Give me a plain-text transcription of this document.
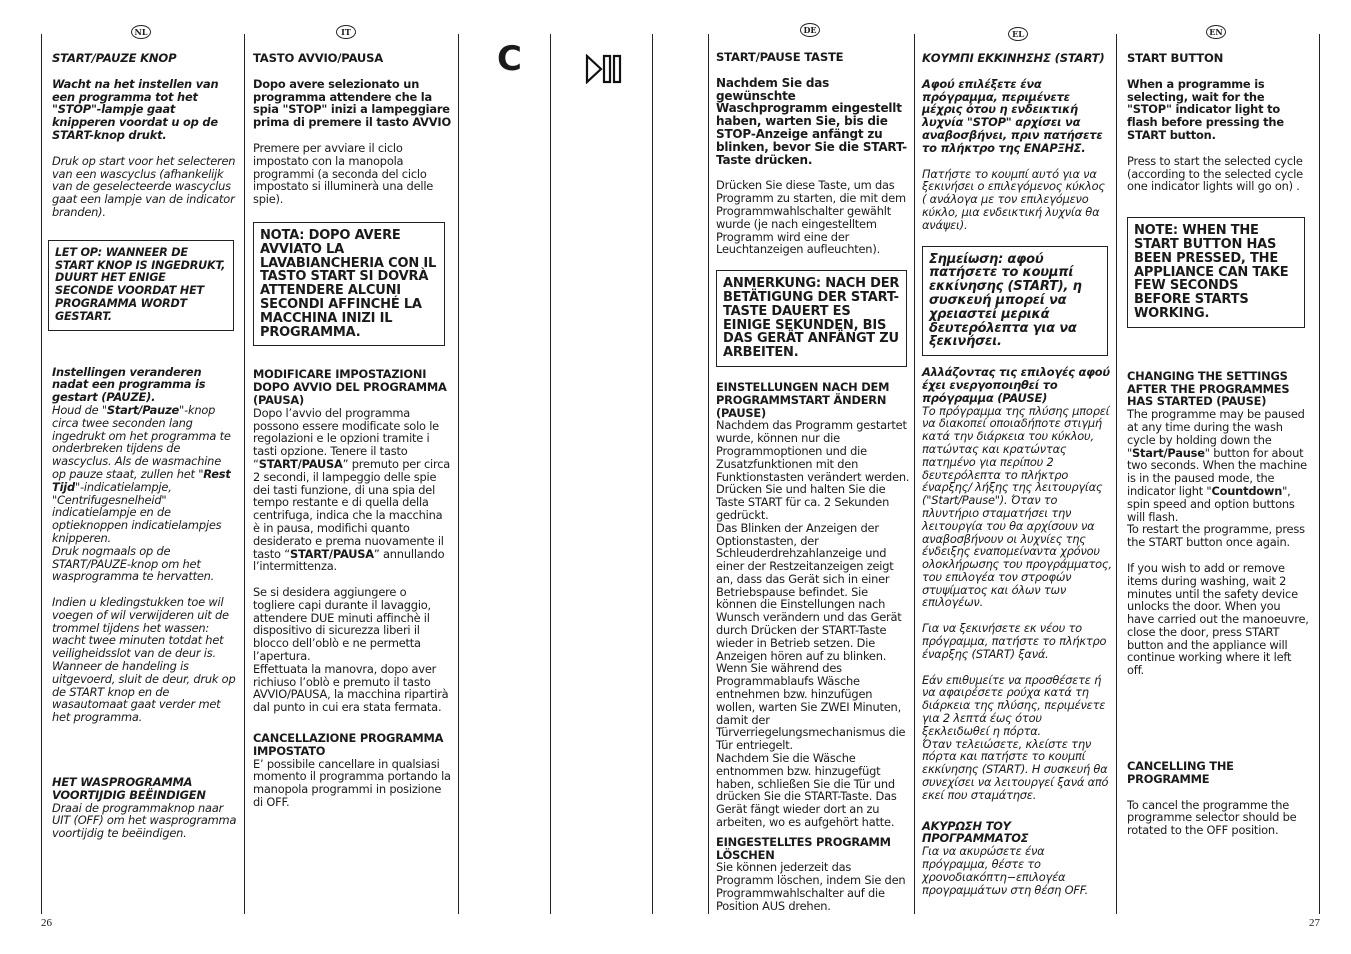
NL	IT	DE	EL	EN
C
START/PAUZE KNOP
Wacht na het instellen van een programma tot het "STOP"-lampje gaat knipperen voordat u op de START-knop drukt.
Druk op start voor het selecteren van een wascyclus (afhankelijk van de geselecteerde wascyclus gaat een lampje van de indicator branden).
LET OP: WANNEER DE START KNOP IS INGEDRUKT, DUURT HET ENIGE SECONDE VOORDAT HET PROGRAMMA WORDT GESTART.
Instellingen veranderen nadat een programma is gestart (PAUZE).

Houd de "Start/Pauze"-knop circa twee seconden lang ingedrukt om het programma te onderbreken tijdens de wascyclus. Als de wasmachine op pauze staat, zullen het "Rest Tijd"-indicatielampje, "Centrifugesnelheid" indicatielampje en de optieknoppen indicatielampjes knipperen.

Druk nogmaals op de START/PAUZE-knop om het wasprogramma te hervatten.
Indien u kledingstukken toe wil voegen of wil verwijderen uit de trommel tijdens het wassen: wacht twee minuten totdat het veiligheidsslot van de deur is.
Wanneer de handeling is uitgevoerd, sluit de deur, druk op de START knop en de wasautomaat gaat verder met het programma.
HET WASPROGRAMMA VOORTIJDIG BEËINDIGEN
Draai de programmaknop naar UIT (OFF) om het wasprogramma voortijdig te beëindigen.
TASTO AVVIO/PAUSA
Dopo avere selezionato un programma attendere che la spia "STOP" inizi a lampeggiare prima di premere il tasto AVVIO
Premere per avviare il ciclo impostato con la manopola programmi (a seconda del ciclo impostato si illuminerà una delle spie).
NOTA: DOPO AVERE AVVIATO LA LAVABIANCHERIA CON IL TASTO START SI DOVRÀ ATTENDERE ALCUNI SECONDI AFFINCHÉ LA MACCHINA INIZI IL PROGRAMMA.
MODIFICARE IMPOSTAZIONI DOPO AVVIO DEL PROGRAMMA (PAUSA)

Dopo l’avvio del programma possono essere modificate solo le regolazioni e le opzioni tramite i tasti opzione. Tenere il tasto “START/PAUSA” premuto per circa 2 secondi, il lampeggio delle spie dei tasti funzione, di una spia del tempo restante e di quella della centrifuga, indica che la macchina è in pausa, modifichi quanto desiderato e prema nuovamente il tasto “START/PAUSA” annullando l’intermittenza.

Se si desidera aggiungere o togliere capi durante il lavaggio, attendere DUE minuti affinchè il dispositivo di sicurezza liberi il blocco dell’oblò e ne permetta l’apertura.
Effettuata la manovra, dopo aver richiuso l’oblò e premuto il tasto AVVIO/PAUSA, la macchina ripartirà dal punto in cui era stata fermata.
CANCELLAZIONE PROGRAMMA IMPOSTATO
E’ possibile cancellare in qualsiasi momento il programma portando la manopola programmi in posizione di OFF.
START/PAUSE TASTE
Nachdem Sie das gewünschte Waschprogramm eingestellt haben, warten Sie, bis die STOP-Anzeige anfängt zu blinken, bevor Sie die START-Taste drücken.
Drücken Sie diese Taste, um das Programm zu starten, die mit dem Programmwahlschalter gewählt wurde (je nach eingestelltem Programm wird eine der Leuchtanzeigen aufleuchten).
ANMERKUNG: NACH DER BETÄTIGUNG DER START-TASTE DAUERT ES EINIGE SEKUNDEN, BIS DAS GERÄT ANFÄNGT ZU ARBEITEN.
EINSTELLUNGEN NACH DEM PROGRAMMSTART ÄNDERN (PAUSE)
Nachdem das Programm gestartet wurde, können nur die Programmoptionen und die Zusatzfunktionen mit den Funktionstasten verändert werden.
Drücken Sie und halten Sie die Taste START für ca. 2 Sekunden gedrückt.
Das Blinken der Anzeigen der Optionstasten, der Schleuderdrehzahlanzeige und einer der Restzeitanzeigen zeigt an, dass das Gerät sich in einer Betriebspause befindet. Sie können die Einstellungen nach Wunsch verändern und das Gerät durch Drücken der START-Taste wieder in Betrieb setzen. Die Anzeigen hören auf zu blinken.
Wenn Sie während des Programmablaufs Wäsche entnehmen bzw. hinzufügen wollen, warten Sie ZWEI Minuten, damit der Türverriegelungsmechanismus die Tür entriegelt.
Nachdem Sie die Wäsche entnommen bzw. hinzugefügt haben, schließen Sie die Tür und drücken Sie die START-Taste. Das Gerät fängt wieder dort an zu arbeiten, wo es aufgehört hatte.
EINGESTELLTES PROGRAMM LÖSCHEN
Sie können jederzeit das Programm löschen, indem Sie den Programmwahlschalter auf die Position AUS drehen.
ΚΟΥΜΠΙ ΕΚΚΙΝΗΣΗΣ (START)
Αφού επιλέξετε ένα πρόγραμμα, περιμένετε μέχρις ότου η ενδεικτική λυχνία "STOP" αρχίσει να αναβοσβήνει, πριν πατήσετε το πλήκτρο της ΕΝΑΡΞΗΣ.
Πατήστε το κουμπί αυτό για να ξεκινήσει ο επιλεγόμενος κύκλος ( ανάλογα με τον επιλεγόμενο κύκλο, μια ενδεικτική λυχνία θα ανάψει).
Σημείωση: αφού πατήσετε το κουμπί εκκίνησης (START), η συσκευή μπορεί να χρειαστεί μερικά δευτερόλεπτα για να ξεκινήσει.
Αλλάζοντας τις επιλογές αφού έχει ενεργοποιηθεί το πρόγραμμα (PAUSE)
Το πρόγραμμα της πλύσης μπορεί να διακοπεί οποιαδήποτε στιγμή κατά την διάρκεια του κύκλου, πατώντας και κρατώντας πατημένο για περίπου 2 δευτερόλεπτα το πλήκτρο έναρξης/ λήξης της λειτουργίας ("Start/Pause"). Όταν το πλυντήριο σταματήσει την λειτουργία του θα αρχίσουν να αναβοσβήνουν οι λυχνίες της ένδειξης εναπομείναντα χρόνου ολοκλήρωσης του προγράμματος, του επιλογέα τον στροφών στυψίματος και όλων των επιλογέων.
Για να ξεκινήσετε εκ νέου το πρόγραμμα, πατήστε το πλήκτρο έναρξης (START) ξανά.
Εάν επιθυμείτε να προσθέσετε ή να αφαιρέσετε ρούχα κατά τη διάρκεια της πλύσης, περιμένετε για 2 λεπτά έως ότου ξεκλειδωθεί η πόρτα.
Όταν τελειώσετε, κλείστε την πόρτα και πατήστε το κουμπί εκκίνησης (START). Η συσκευή θα συνεχίσει να λειτουργεί ξανά από εκεί που σταμάτησε.
ΑΚΥΡΩΣΗ ΤΟΥ ΠΡΟΓΡΑΜΜΑΤΟΣ
Για να ακυρώσετε ένα πρόγραμμα, θέστε το χρονοδιακόπτη−επιλογέα προγραμμάτων στη θέση OFF.
START BUTTON
When a programme is selecting, wait for the "STOP" indicator light to flash before pressing the START button.
Press to start the selected cycle (according to the selected cycle one indicator lights will go on) .
NOTE: WHEN THE START BUTTON HAS BEEN PRESSED, THE APPLIANCE CAN TAKE FEW SECONDS BEFORE STARTS WORKING.
CHANGING THE SETTINGS AFTER THE PROGRAMMES HAS STARTED (PAUSE)

The programme may be paused at any time during the wash cycle by holding down the "Start/Pause" button for about two seconds. When the machine is in the paused mode, the indicator light "Countdown", spin speed and option buttons will flash.

To restart the programme, press the START button once again.
If you wish to add or remove items during washing, wait 2 minutes until the safety device unlocks the door. When you have carried out the manoeuvre, close the door, press START button and the appliance will continue working where it left off.
CANCELLING THE PROGRAMME
To cancel the programme the programme selector should be rotated to the OFF position.
26	27
